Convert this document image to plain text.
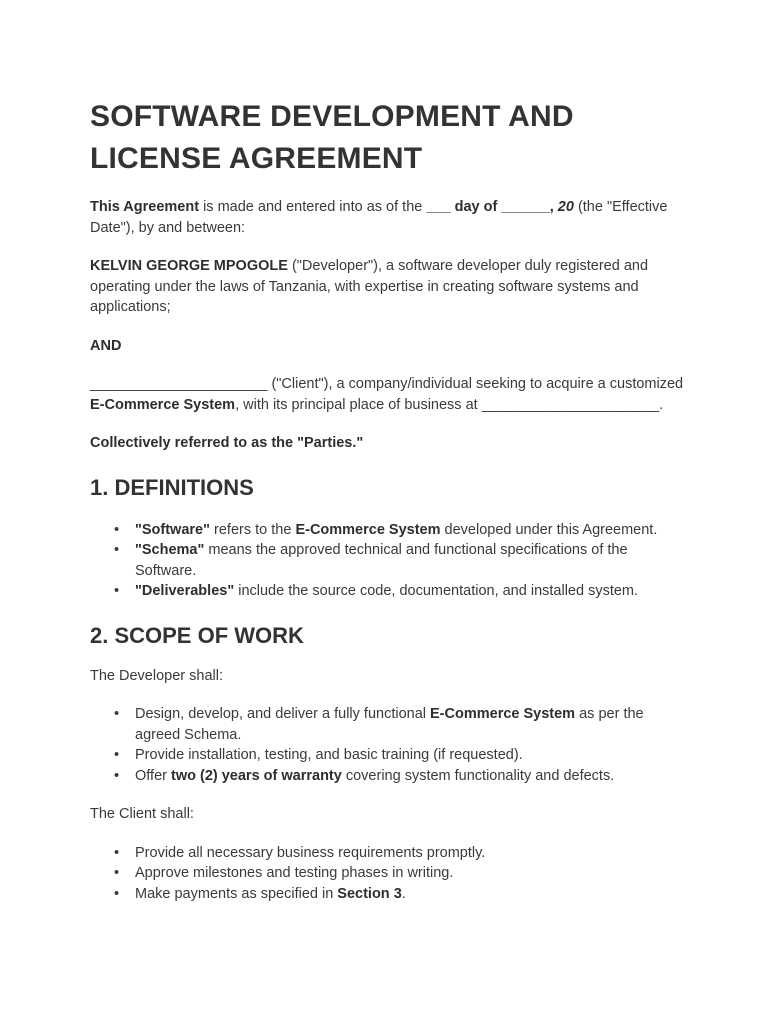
SOFTWARE DEVELOPMENT AND LICENSE AGREEMENT

This Agreement is made and entered into as of the ___ day of ______, 20 (the "Effective Date"), by and between:

KELVIN GEORGE MPOGOLE ("Developer"), a software developer duly registered and operating under the laws of Tanzania, with expertise in creating software systems and applications;

AND

______________________ ("Client"), a company/individual seeking to acquire a customized E-Commerce System, with its principal place of business at ______________________.

Collectively referred to as the "Parties."

1. DEFINITIONS
• "Software" refers to the E-Commerce System developed under this Agreement.
• "Schema" means the approved technical and functional specifications of the Software.
• "Deliverables" include the source code, documentation, and installed system.
2. SCOPE OF WORK

The Developer shall:

• Design, develop, and deliver a fully functional E-Commerce System as per the agreed Schema.
• Provide installation, testing, and basic training (if requested).
• Offer two (2) years of warranty covering system functionality and defects.

The Client shall:

• Provide all necessary business requirements promptly.
• Approve milestones and testing phases in writing.
• Make payments as specified in Section 3.
